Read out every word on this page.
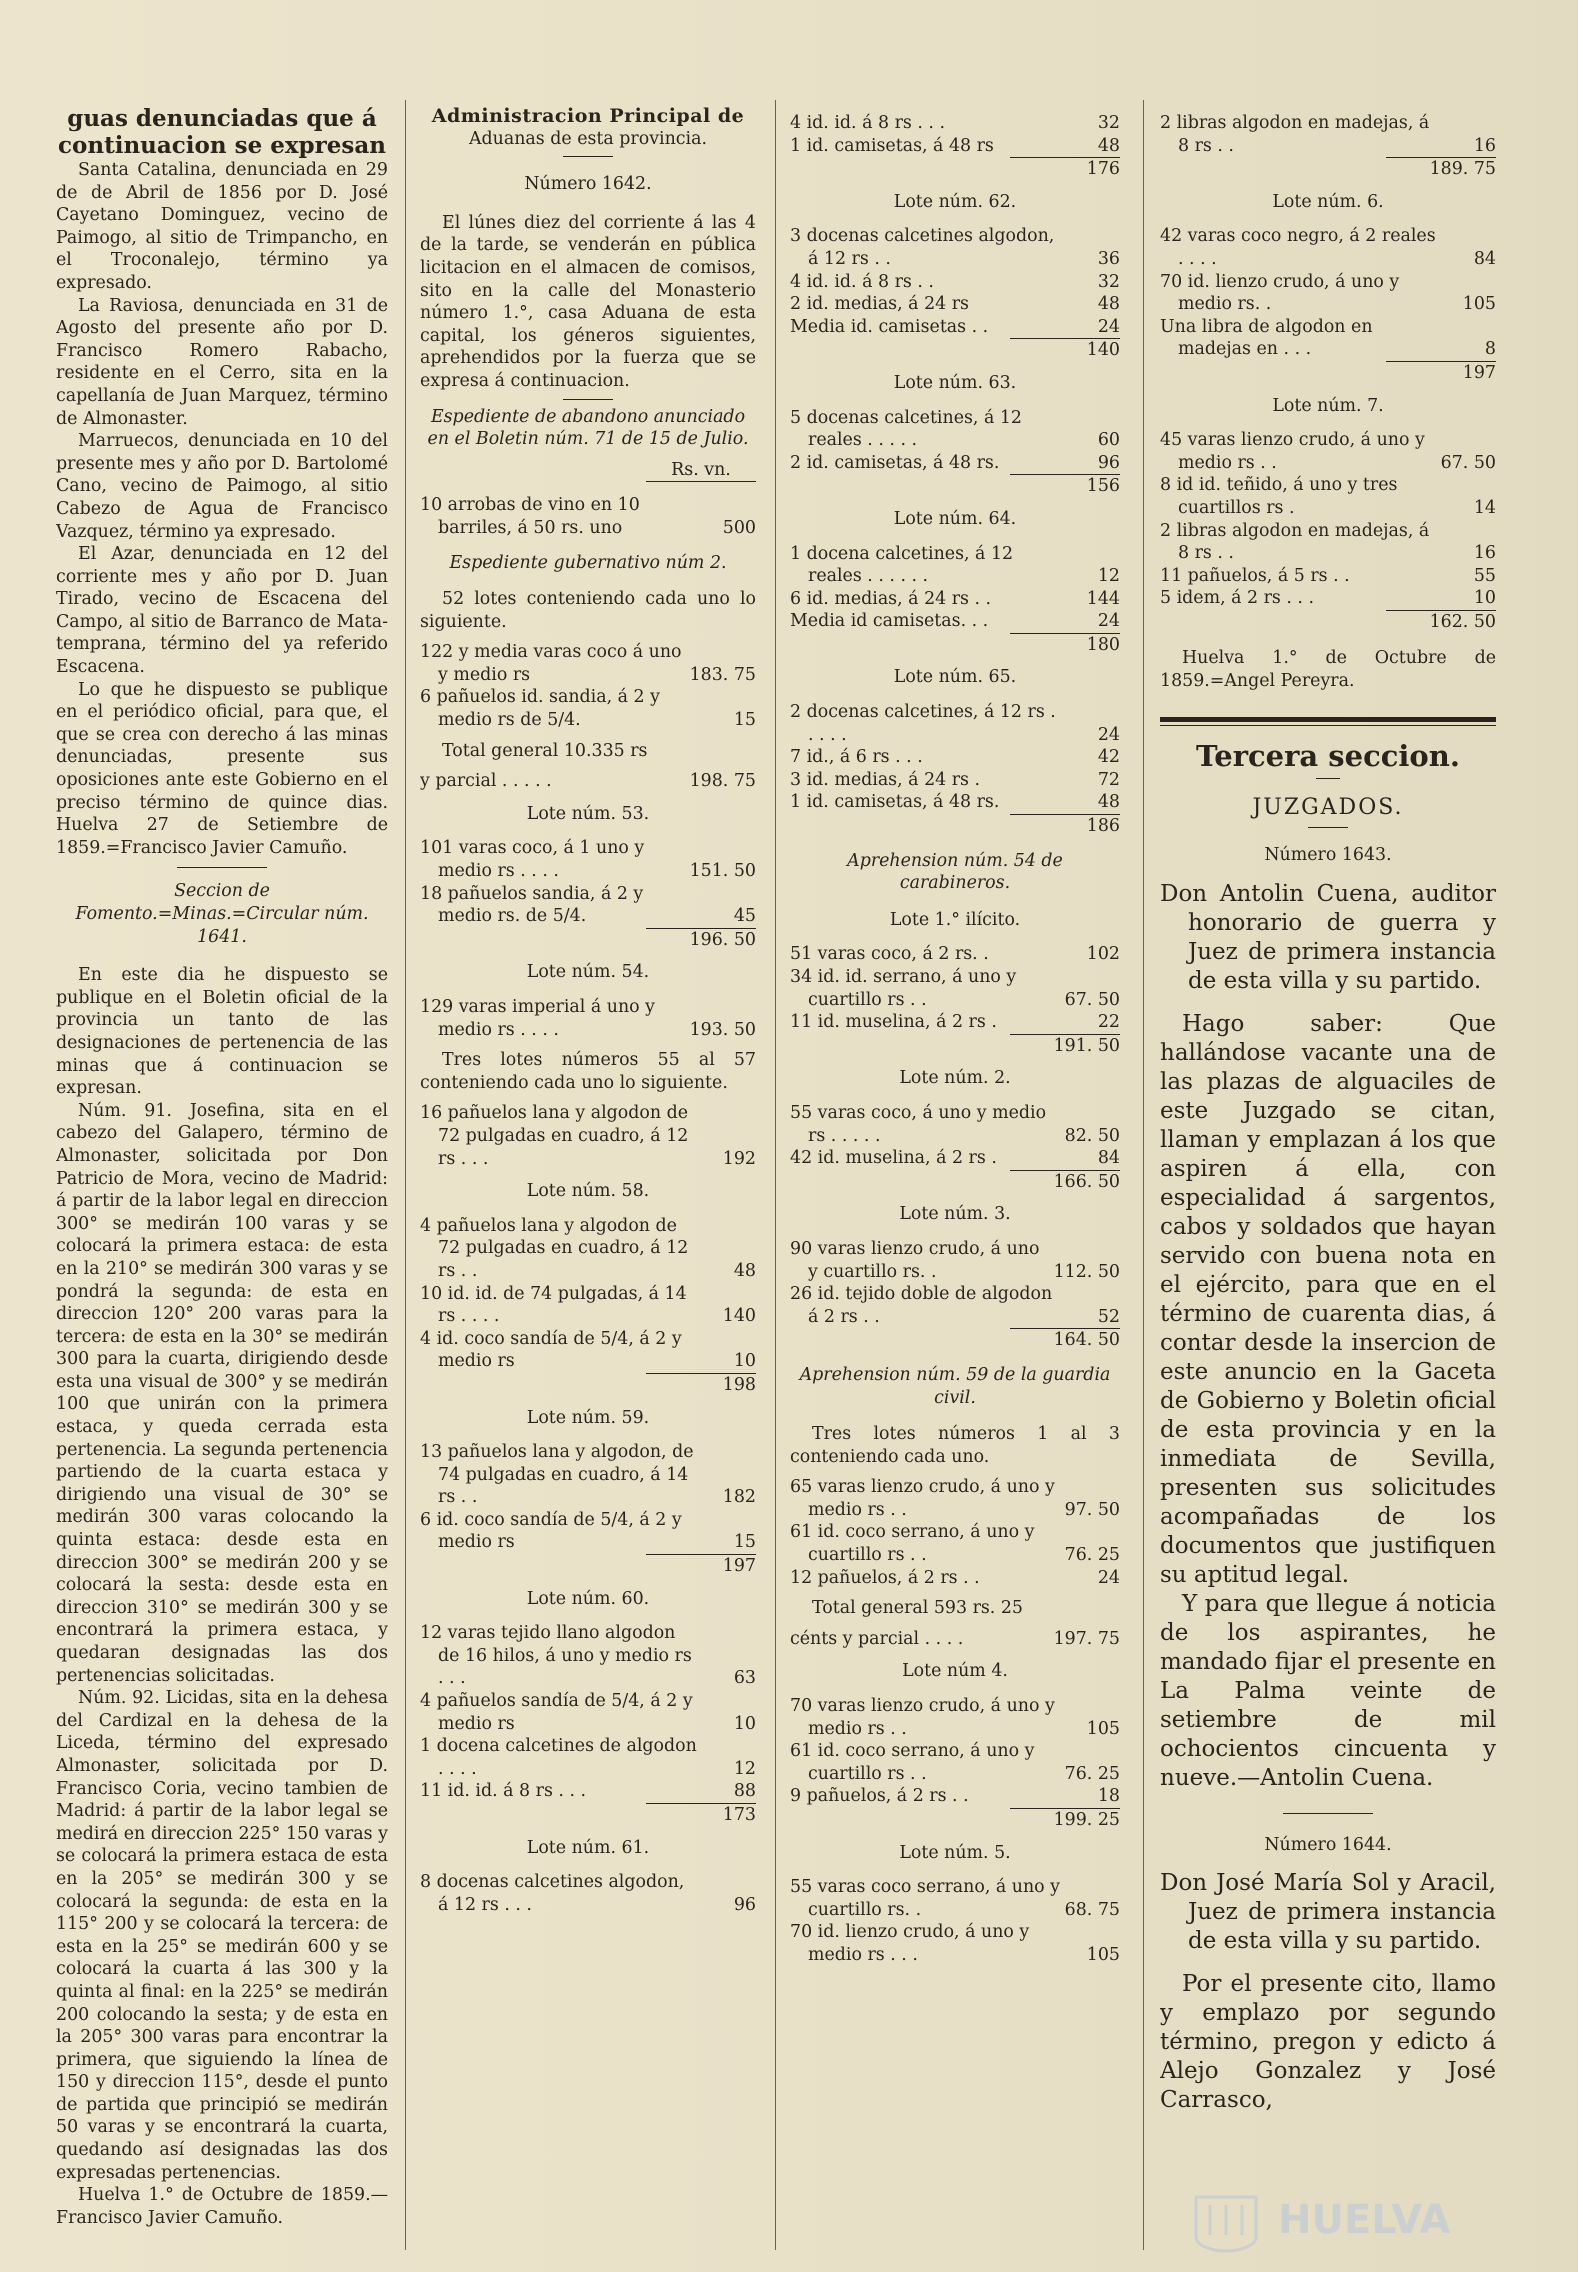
guas denunciadas que á continuacion se expresan

Santa Catalina, denunciada en 29 de de Abril de 1856 por D. José Cayetano Dominguez, vecino de Paimogo, al sitio de Trimpancho, en el Troconalejo, término ya expresado.

La Raviosa, denunciada en 31 de Agosto del presente año por D. Francisco Romero Rabacho, residente en el Cerro, sita en la capellanía de Juan Marquez, término de Almonaster.

Marruecos, denunciada en 10 del presente mes y año por D. Bartolomé Cano, vecino de Paimogo, al sitio Cabezo de Agua de Francisco Vazquez, término ya expresado.

El Azar, denunciada en 12 del corriente mes y año por D. Juan Tirado, vecino de Escacena del Campo, al sitio de Barranco de Mata-temprana, término del ya referido Escacena.

Lo que he dispuesto se publique en el periódico oficial, para que, el que se crea con derecho á las minas denunciadas, presente sus oposiciones ante este Gobierno en el preciso término de quince dias. Huelva 27 de Setiembre de 1859.=Francisco Javier Camuño.

Seccion de Fomento.=Minas.=Circular núm. 1641.

En este dia he dispuesto se publique en el Boletin oficial de la provincia un tanto de las designaciones de pertenencia de las minas que á continuacion se expresan.

Núm. 91. Josefina, sita en el cabezo del Galapero, término de Almonaster, solicitada por Don Patricio de Mora, vecino de Madrid: á partir de la labor legal en direccion 300° se medirán 100 varas y se colocará la primera estaca: de esta en la 210° se medirán 300 varas y se pondrá la segunda: de esta en direccion 120° 200 varas para la tercera: de esta en la 30° se medirán 300 para la cuarta, dirigiendo desde esta una visual de 300° y se medirán 100 que unirán con la primera estaca, y queda cerrada esta pertenencia. La segunda pertenencia partiendo de la cuarta estaca y dirigiendo una visual de 30° se medirán 300 varas colocando la quinta estaca: desde esta en direccion 300° se medirán 200 y se colocará la sesta: desde esta en direccion 310° se medirán 300 y se encontrará la primera estaca, y quedaran designadas las dos pertenencias solicitadas.

Núm. 92. Licidas, sita en la dehesa del Cardizal en la dehesa de la Liceda, término del expresado Almonaster, solicitada por D. Francisco Coria, vecino tambien de Madrid: á partir de la labor legal se medirá en direccion 225° 150 varas y se colocará la primera estaca de esta en la 205° se medirán 300 y se colocará la segunda: de esta en la 115° 200 y se colocará la tercera: de esta en la 25° se medirán 600 y se colocará la cuarta á las 300 y la quinta al final: en la 225° se medirán 200 colocando la sesta; y de esta en la 205° 300 varas para encontrar la primera, que siguiendo la línea de 150 y direccion 115°, desde el punto de partida que principió se medirán 50 varas y se encontrará la cuarta, quedando así designadas las dos expresadas pertenencias.

Huelva 1.° de Octubre de 1859.—Francisco Javier Camuño.

Administracion Principal de

Aduanas de esta provincia.

Número 1642.

El lúnes diez del corriente á las 4 de la tarde, se venderán en pública licitacion en el almacen de comisos, sito en la calle del Monasterio número 1.°, casa Aduana de esta capital, los géneros siguientes, aprehendidos por la fuerza que se expresa á continuacion.

Espediente de abandono anunciado en el Boletin núm. 71 de 15 de Julio.

Rs. vn.
10 arrobas de vino en 10 barriles, á 50 rs. uno	500

Espediente gubernativo núm 2.

52 lotes conteniendo cada uno lo siguiente.

122 y media varas coco á uno y medio rs	183. 75
6 pañuelos id. sandia, á 2 y medio rs de 5/4.	15

Total general 10.335 rs

y parcial . . . . .	198. 75

Lote núm. 53.

101 varas coco, á 1 uno y medio rs . . . .	151. 50
18 pañuelos sandia, á 2 y medio rs. de 5/4.	45
196. 50

Lote núm. 54.

129 varas imperial á uno y medio rs . . . .	193. 50

Tres lotes números 55 al 57 conteniendo cada uno lo siguiente.

16 pañuelos lana y algodon de 72 pulgadas en cuadro, á 12 rs . . .	192

Lote núm. 58.

4 pañuelos lana y algodon de 72 pulgadas en cuadro, á 12 rs . .	48
10 id. id. de 74 pulgadas, á 14 rs . . . .	140
4 id. coco sandía de 5/4, á 2 y medio rs	10
198

Lote núm. 59.

13 pañuelos lana y algodon, de 74 pulgadas en cuadro, á 14 rs . .	182
6 id. coco sandía de 5/4, á 2 y medio rs	15
197

Lote núm. 60.

12 varas tejido llano algodon de 16 hilos, á uno y medio rs . . .	63
4 pañuelos sandía de 5/4, á 2 y medio rs	10
1 docena calcetines de algodon . . . .	12
11 id. id. á 8 rs . . .	88
173

Lote núm. 61.

8 docenas calcetines algodon, á 12 rs . . .	96
4 id. id. á 8 rs . . .	32
1 id. camisetas, á 48 rs	48
176

Lote núm. 62.

3 docenas calcetines algodon, á 12 rs . .	36
4 id. id. á 8 rs . .	32
2 id. medias, á 24 rs	48
Media id. camisetas . .	24
140

Lote núm. 63.

5 docenas calcetines, á 12 reales . . . . .	60
2 id. camisetas, á 48 rs.	96
156

Lote núm. 64.

1 docena calcetines, á 12 reales . . . . . .	12
6 id. medias, á 24 rs . .	144
Media id camisetas. . .	24
180

Lote núm. 65.

2 docenas calcetines, á 12 rs . . . . .	24
7 id., á 6 rs . . .	42
3 id. medias, á 24 rs .	72
1 id. camisetas, á 48 rs.	48
186

Aprehension núm. 54 de carabineros.

Lote 1.° ilícito.

51 varas coco, á 2 rs. .	102
34 id. id. serrano, á uno y cuartillo rs . .	67. 50
11 id. muselina, á 2 rs .	22
191. 50

Lote núm. 2.

55 varas coco, á uno y medio rs . . . . .	82. 50
42 id. muselina, á 2 rs .	84
166. 50

Lote núm. 3.

90 varas lienzo crudo, á uno y cuartillo rs. .	112. 50
26 id. tejido doble de algodon á 2 rs . .	52
164. 50

Aprehension núm. 59 de la guardia civil.

Tres lotes números 1 al 3 conteniendo cada uno.

65 varas lienzo crudo, á uno y medio rs . .	97. 50
61 id. coco serrano, á uno y cuartillo rs . .	76. 25
12 pañuelos, á 2 rs . .	24

Total general 593 rs. 25

cénts y parcial . . . .	197. 75

Lote núm 4.

70 varas lienzo crudo, á uno y medio rs . .	105
61 id. coco serrano, á uno y cuartillo rs . .	76. 25
9 pañuelos, á 2 rs . .	18
199. 25

Lote núm. 5.

55 varas coco serrano, á uno y cuartillo rs. .	68. 75
70 id. lienzo crudo, á uno y medio rs . . .	105
2 libras algodon en madejas, á 8 rs . .	16
189. 75

Lote núm. 6.

42 varas coco negro, á 2 reales . . . .	84
70 id. lienzo crudo, á uno y medio rs. .	105
Una libra de algodon en madejas en . . .	8
197

Lote núm. 7.

45 varas lienzo crudo, á uno y medio rs . .	67. 50
8 id id. teñido, á uno y tres cuartillos rs .	14
2 libras algodon en madejas, á 8 rs . .	16
11 pañuelos, á 5 rs . .	55
5 idem, á 2 rs . . .	10
162. 50

Huelva 1.° de Octubre de 1859.=Angel Pereyra.

Tercera seccion.

JUZGADOS.

Número 1643.

Don Antolin Cuena, auditor honorario de guerra y Juez de primera instancia de esta villa y su partido.

Hago saber: Que hallándose vacante una de las plazas de alguaciles de este Juzgado se citan, llaman y emplazan á los que aspiren á ella, con especialidad á sargentos, cabos y soldados que hayan servido con buena nota en el ejército, para que en el término de cuarenta dias, á contar desde la insercion de este anuncio en la Gaceta de Gobierno y Boletin oficial de esta provincia y en la inmediata de Sevilla, presenten sus solicitudes acompañadas de los documentos que justifiquen su aptitud legal.

Y para que llegue á noticia de los aspirantes, he mandado fijar el presente en La Palma veinte de setiembre de mil ochocientos cincuenta y nueve.—Antolin Cuena.

Número 1644.

Don José María Sol y Aracil, Juez de primera instancia de esta villa y su partido.

Por el presente cito, llamo y emplazo por segundo término, pregon y edicto á Alejo Gonzalez y José Carrasco,

HUELVA
